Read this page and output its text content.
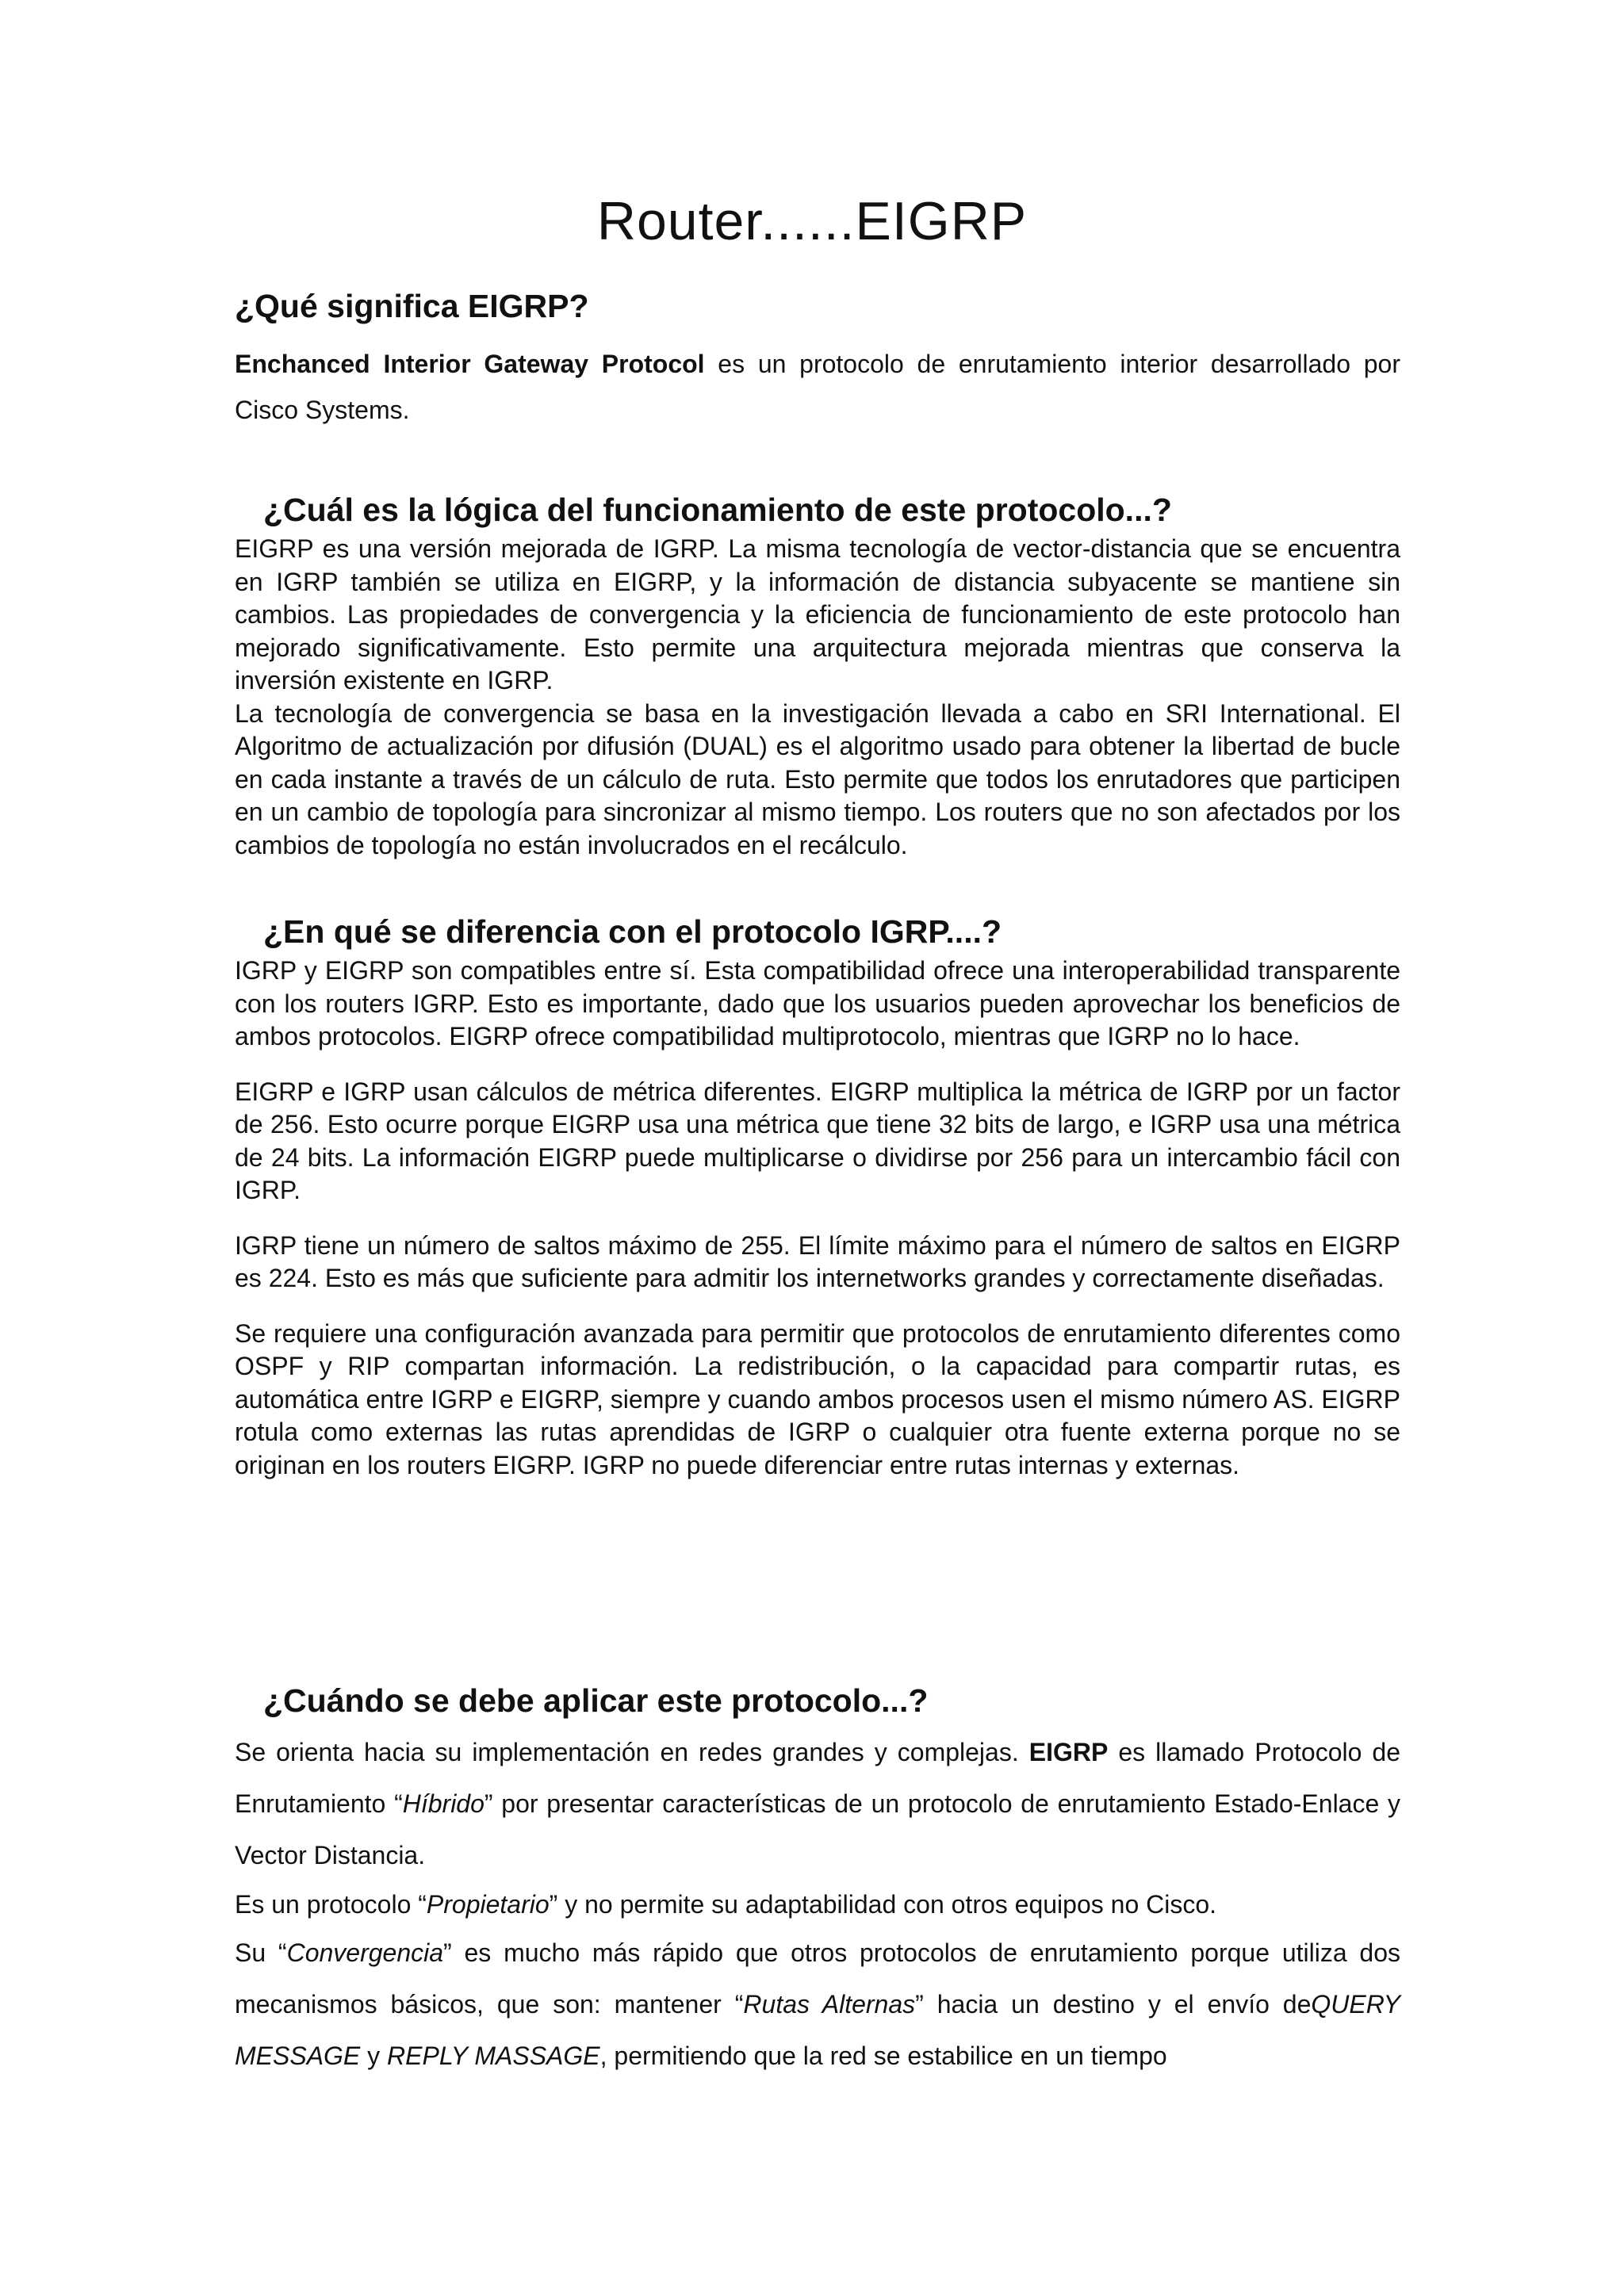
Router......EIGRP
¿Qué significa EIGRP?

Enchanced Interior Gateway Protocol es un protocolo de enrutamiento interior desarrollado por Cisco Systems.

¿Cuál es la lógica del funcionamiento de este protocolo...?

EIGRP es una versión mejorada de IGRP. La misma tecnología de vector-distancia que se encuentra en IGRP también se utiliza en EIGRP, y la información de distancia subyacente se mantiene sin cambios. Las propiedades de convergencia y la eficiencia de funcionamiento de este protocolo han mejorado significativamente. Esto permite una arquitectura mejorada mientras que conserva la inversión existente en IGRP.

La tecnología de convergencia se basa en la investigación llevada a cabo en SRI International. El Algoritmo de actualización por difusión (DUAL) es el algoritmo usado para obtener la libertad de bucle en cada instante a través de un cálculo de ruta. Esto permite que todos los enrutadores que participen en un cambio de topología para sincronizar al mismo tiempo. Los routers que no son afectados por los cambios de topología no están involucrados en el recálculo.

¿En qué se diferencia con el protocolo IGRP....?

IGRP y EIGRP son compatibles entre sí. Esta compatibilidad ofrece una interoperabilidad transparente con los routers IGRP. Esto es importante, dado que los usuarios pueden aprovechar los beneficios de ambos protocolos. EIGRP ofrece compatibilidad multiprotocolo, mientras que IGRP no lo hace.

EIGRP e IGRP usan cálculos de métrica diferentes. EIGRP multiplica la métrica de IGRP por un factor de 256. Esto ocurre porque EIGRP usa una métrica que tiene 32 bits de largo, e IGRP usa una métrica de 24 bits. La información EIGRP puede multiplicarse o dividirse por 256 para un intercambio fácil con IGRP.

IGRP tiene un número de saltos máximo de 255. El límite máximo para el número de saltos en EIGRP es 224. Esto es más que suficiente para admitir los internetworks grandes y correctamente diseñadas.

Se requiere una configuración avanzada para permitir que protocolos de enrutamiento diferentes como OSPF y RIP compartan información. La redistribución, o la capacidad para compartir rutas, es automática entre IGRP e EIGRP, siempre y cuando ambos procesos usen el mismo número AS. EIGRP rotula como externas las rutas aprendidas de IGRP o cualquier otra fuente externa porque no se originan en los routers EIGRP. IGRP no puede diferenciar entre rutas internas y externas.

¿Cuándo se debe aplicar este protocolo...?

Se orienta hacia su implementación en redes grandes y complejas. EIGRP es llamado Protocolo de Enrutamiento “Híbrido” por presentar características de un protocolo de enrutamiento Estado-Enlace y Vector Distancia.

Es un protocolo “Propietario” y no permite su adaptabilidad con otros equipos no Cisco.

Su “Convergencia” es mucho más rápido que otros protocolos de enrutamiento porque utiliza dos mecanismos básicos, que son: mantener “Rutas Alternas” hacia un destino y el envío deQUERY MESSAGE y REPLY MASSAGE, permitiendo que la red se estabilice en un tiempo
